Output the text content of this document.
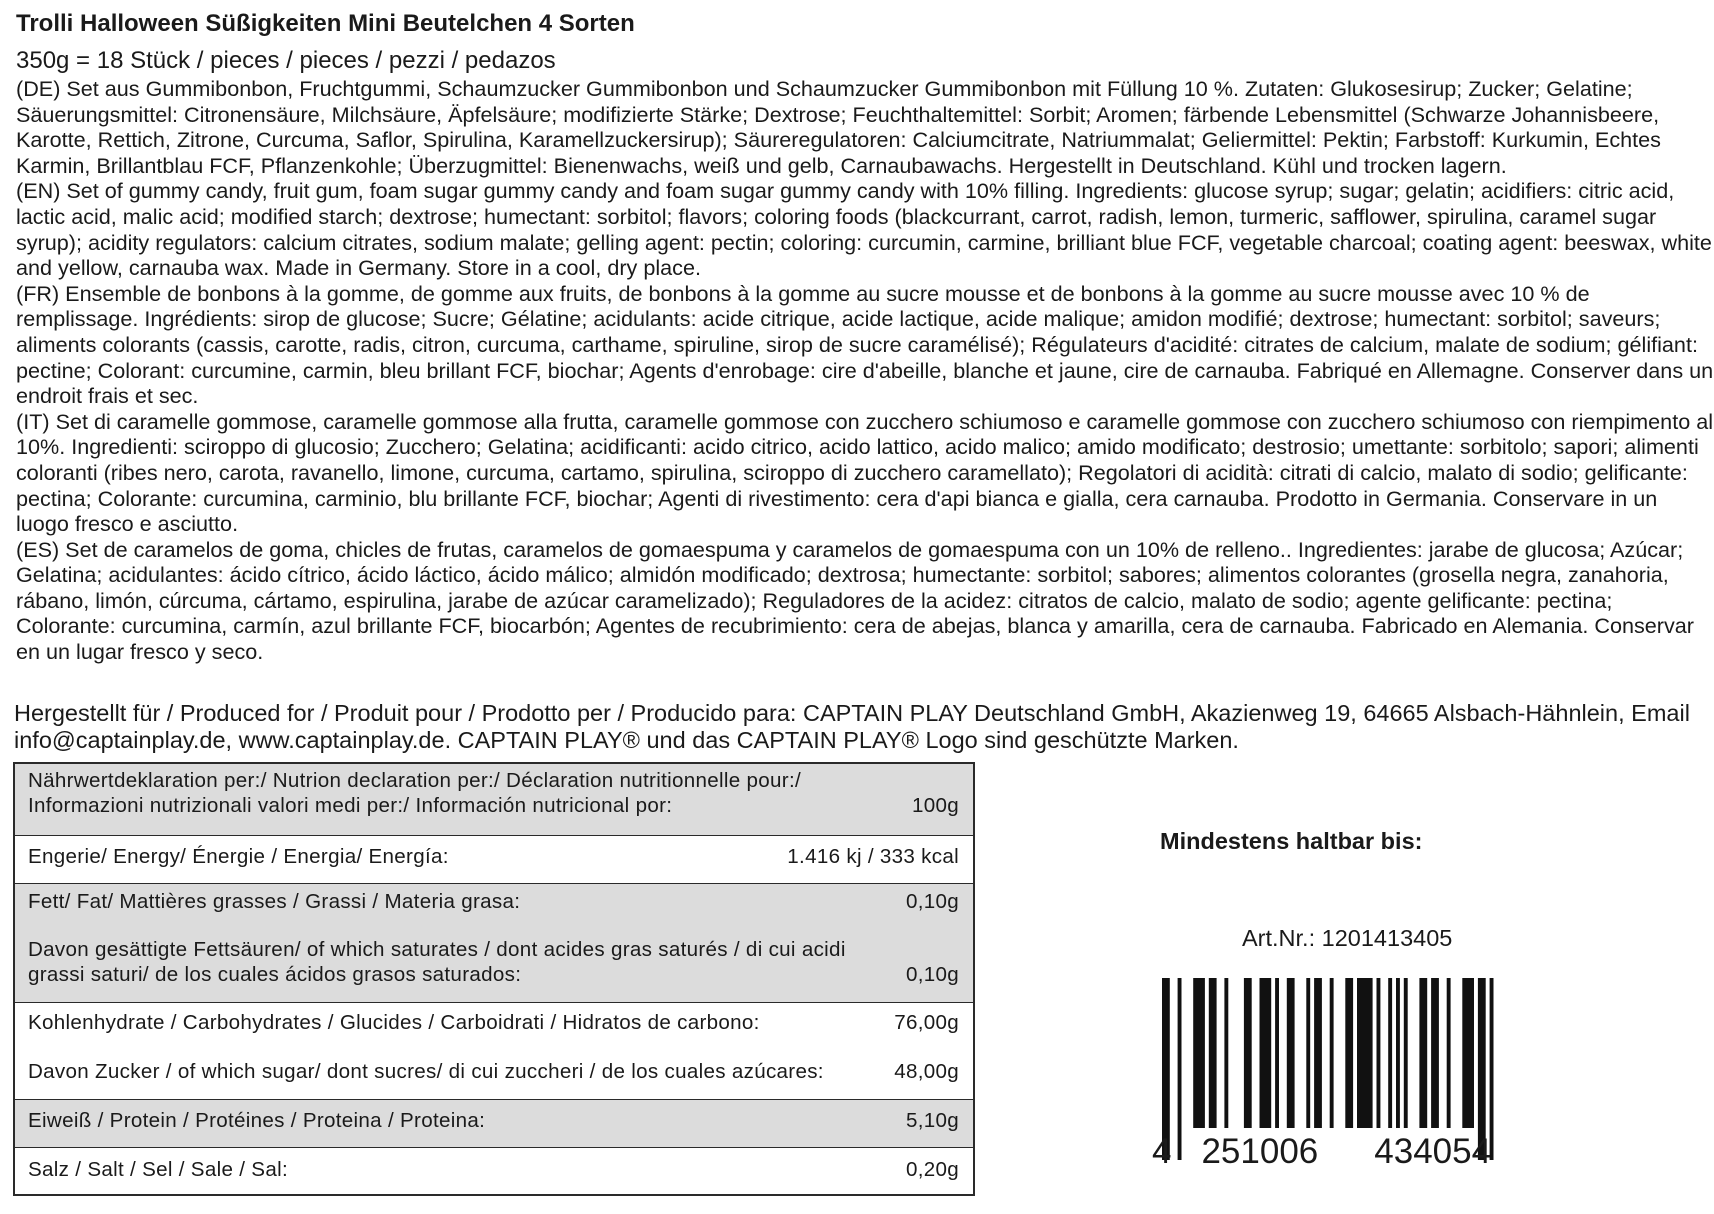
Trolli Halloween Süßigkeiten Mini Beutelchen 4 Sorten
350g = 18 Stück / pieces / pieces / pezzi / pedazos

(DE) Set aus Gummibonbon, Fruchtgummi, Schaumzucker Gummibonbon und Schaumzucker Gummibonbon mit Füllung 10 %. Zutaten: Glukosesirup; Zucker; Gelatine; Säuerungsmittel: Citronensäure, Milchsäure, Äpfelsäure; modifizierte Stärke; Dextrose; Feuchthaltemittel: Sorbit; Aromen; färbende Lebensmittel (Schwarze Johannisbeere, Karotte, Rettich, Zitrone, Curcuma, Saflor, Spirulina, Karamellzuckersirup); Säureregulatoren: Calciumcitrate, Natriummalat; Geliermittel: Pektin; Farbstoff: Kurkumin, Echtes Karmin, Brillantblau FCF, Pflanzenkohle; Überzugmittel: Bienenwachs, weiß und gelb, Carnaubawachs. Hergestellt in Deutschland. Kühl und trocken lagern.

(EN) Set of gummy candy, fruit gum, foam sugar gummy candy and foam sugar gummy candy with 10% filling. Ingredients: glucose syrup; sugar; gelatin; acidifiers: citric acid, lactic acid, malic acid; modified starch; dextrose; humectant: sorbitol; flavors; coloring foods (blackcurrant, carrot, radish, lemon, turmeric, safflower, spirulina, caramel sugar syrup); acidity regulators: calcium citrates, sodium malate; gelling agent: pectin; coloring: curcumin, carmine, brilliant blue FCF, vegetable charcoal; coating agent: beeswax, white and yellow, carnauba wax. Made in Germany. Store in a cool, dry place.

(FR) Ensemble de bonbons à la gomme, de gomme aux fruits, de bonbons à la gomme au sucre mousse et de bonbons à la gomme au sucre mousse avec 10 % de remplissage. Ingrédients: sirop de glucose; Sucre; Gélatine; acidulants: acide citrique, acide lactique, acide malique; amidon modifié; dextrose; humectant: sorbitol; saveurs; aliments colorants (cassis, carotte, radis, citron, curcuma, carthame, spiruline, sirop de sucre caramélisé); Régulateurs d'acidité: citrates de calcium, malate de sodium; gélifiant: pectine; Colorant: curcumine, carmin, bleu brillant FCF, biochar; Agents d'enrobage: cire d'abeille, blanche et jaune, cire de carnauba. Fabriqué en Allemagne. Conserver dans un endroit frais et sec.

(IT) Set di caramelle gommose, caramelle gommose alla frutta, caramelle gommose con zucchero schiumoso e caramelle gommose con zucchero schiumoso con riempimento al 10%. Ingredienti: sciroppo di glucosio; Zucchero; Gelatina; acidificanti: acido citrico, acido lattico, acido malico; amido modificato; destrosio; umettante: sorbitolo; sapori; alimenti coloranti (ribes nero, carota, ravanello, limone, curcuma, cartamo, spirulina, sciroppo di zucchero caramellato); Regolatori di acidità: citrati di calcio, malato di sodio; gelificante: pectina; Colorante: curcumina, carminio, blu brillante FCF, biochar; Agenti di rivestimento: cera d'api bianca e gialla, cera carnauba. Prodotto in Germania. Conservare in un luogo fresco e asciutto.

(ES) Set de caramelos de goma, chicles de frutas, caramelos de gomaespuma y caramelos de gomaespuma con un 10% de relleno.. Ingredientes: jarabe de glucosa; Azúcar; Gelatina; acidulantes: ácido cítrico, ácido láctico, ácido málico; almidón modificado; dextrosa; humectante: sorbitol; sabores; alimentos colorantes (grosella negra, zanahoria, rábano, limón, cúrcuma, cártamo, espirulina, jarabe de azúcar caramelizado); Reguladores de la acidez: citratos de calcio, malato de sodio; agente gelificante: pectina; Colorante: curcumina, carmín, azul brillante FCF, biocarbón; Agentes de recubrimiento: cera de abejas, blanca y amarilla, cera de carnauba. Fabricado en Alemania. Conservar en un lugar fresco y seco.

Hergestellt für / Produced for / Produit pour / Prodotto per / Producido para: CAPTAIN PLAY Deutschland GmbH, Akazienweg 19, 64665 Alsbach-Hähnlein, Email info@captainplay.de, www.captainplay.de. CAPTAIN PLAY® und das CAPTAIN PLAY® Logo sind geschützte Marken.
Nährwertdeklaration per:/ Nutrion declaration per:/ Déclaration nutritionnelle pour:/
Informazioni nutrizionali valori medi per:/ Información nutricional por:	100g
Engerie/ Energy/ Énergie / Energia/ Energía:	1.416 kj / 333 kcal
Fett/ Fat/ Mattières grasses / Grassi / Materia grasa:	0,10g
Davon gesättigte Fettsäuren/ of which saturates / dont acides gras saturés / di cui acidi
grassi saturi/ de los cuales ácidos grasos saturados:	0,10g
Kohlenhydrate / Carbohydrates / Glucides / Carboidrati / Hidratos de carbono:	76,00g
Davon Zucker / of which sugar/ dont sucres/ di cui zuccheri / de los cuales azúcares:	48,00g
Eiweiß / Protein / Protéines / Proteina / Proteina:	5,10g
Salz / Salt / Sel / Sale / Sal:	0,20g
Mindestens haltbar bis:
Art.Nr.: 1201413405
4 251006 434054
